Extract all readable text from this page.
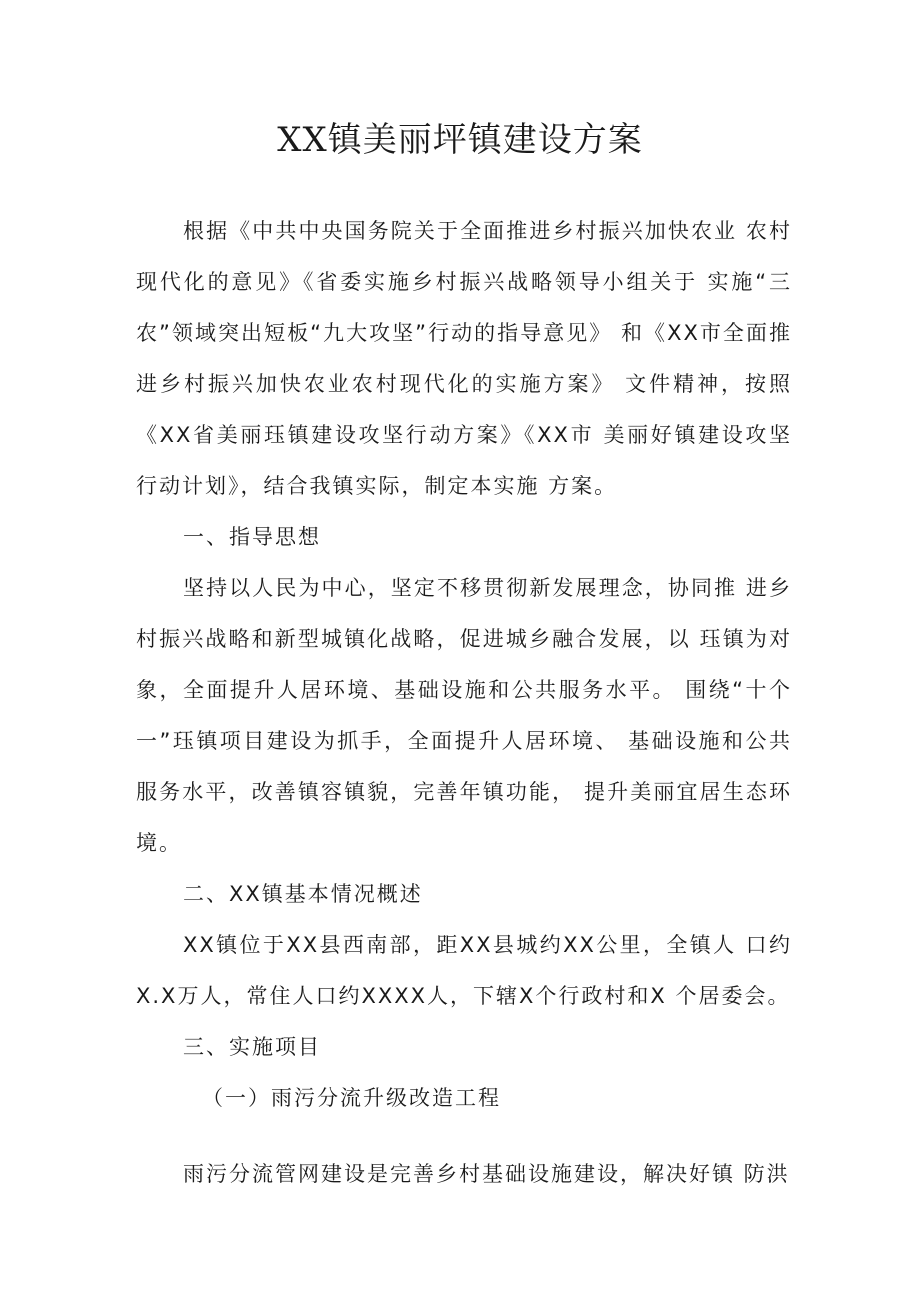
XX镇美丽坪镇建设方案

根据《中共中央国务院关于全面推进乡村振兴加快农业 农村现代化的意见》《省委实施乡村振兴战略领导小组关于 实施“三农”领域突出短板“九大攻坚”行动的指导意见》 和《XX市全面推进乡村振兴加快农业农村现代化的实施方案》 文件精神，按照《XX省美丽珏镇建设攻坚行动方案》《XX市 美丽好镇建设攻坚行动计划》，结合我镇实际，制定本实施 方案。

一、指导思想

坚持以人民为中心，坚定不移贯彻新发展理念，协同推 进乡村振兴战略和新型城镇化战略，促进城乡融合发展，以 珏镇为对象，全面提升人居环境、基础设施和公共服务水平。 围绕“十个一”珏镇项目建设为抓手，全面提升人居环境、 基础设施和公共服务水平，改善镇容镇貌，完善年镇功能， 提升美丽宜居生态环境。

二、XX镇基本情况概述

XX镇位于XX县西南部，距XX县城约XX公里，全镇人 口约X.X万人，常住人口约XXXX人，下辖X个行政村和X 个居委会。

三、实施项目

（一）雨污分流升级改造工程

雨污分流管网建设是完善乡村基础设施建设，解决好镇 防洪
